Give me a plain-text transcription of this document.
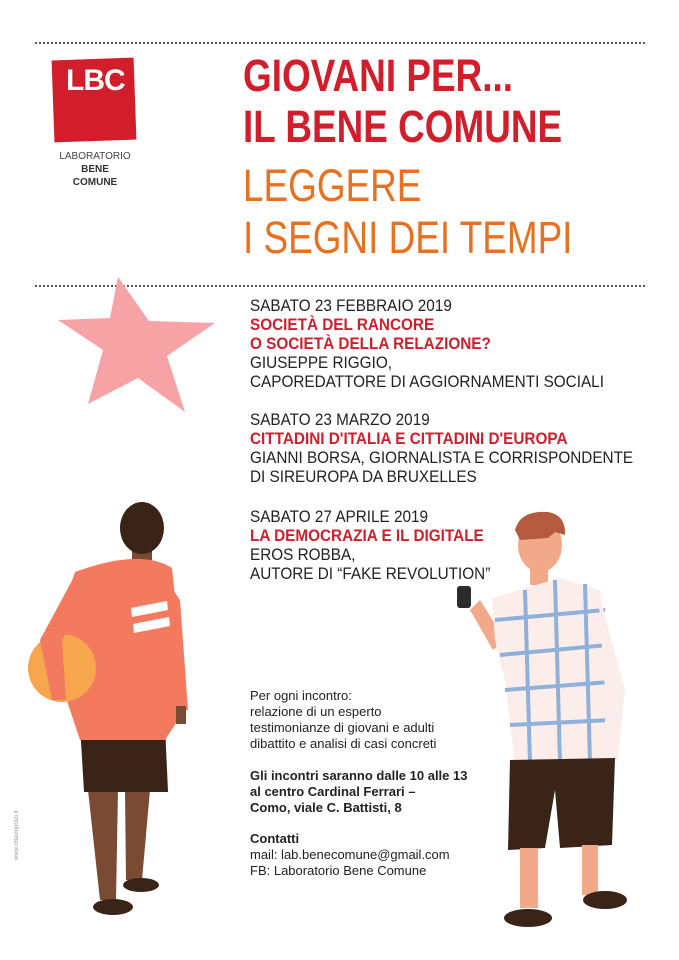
LBC
LABORATORIO
BENE
COMUNE
GIOVANI PER...
IL BENE COMUNE
LEGGERE
I SEGNI DEI TEMPI
SABATO 23 FEBBRAIO 2019
SOCIETÀ DEL RANCORE
O SOCIETÀ DELLA RELAZIONE?
GIUSEPPE RIGGIO,
CAPOREDATTORE DI AGGIORNAMENTI SOCIALI
SABATO 23 MARZO 2019
CITTADINI D'ITALIA E CITTADINI D'EUROPA
GIANNI BORSA, GIORNALISTA E CORRISPONDENTE
DI SIREUROPA DA BRUXELLES
SABATO 27 APRILE 2019
LA DEMOCRAZIA E IL DIGITALE
EROS ROBBA,
AUTORE DI “FAKE REVOLUTION”
Per ogni incontro:
relazione di un esperto
testimonianze di giovani e adulti
dibattito e analisi di casi concreti
Gli incontri saranno dalle 10 alle 13
al centro Cardinal Ferrari –
Como, viale C. Battisti, 8
Contatti
mail: lab.benecomune@gmail.com
FB: Laboratorio Bene Comune
www.ottavioposo.it
